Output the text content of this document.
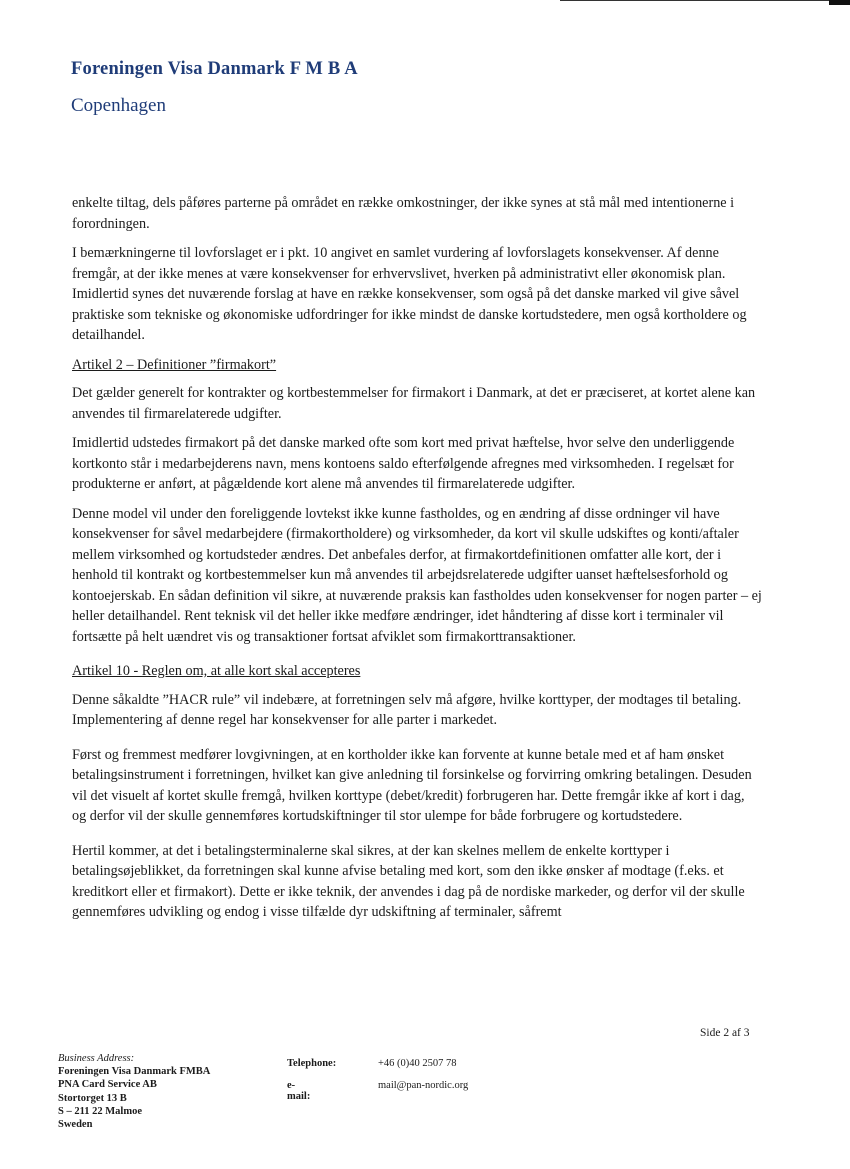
Foreningen Visa Danmark F M B A
Copenhagen

enkelte tiltag, dels påføres parterne på området en række omkostninger, der ikke synes at stå mål med intentionerne i forordningen.

I bemærkningerne til lovforslaget er i pkt. 10 angivet en samlet vurdering af lovforslagets konsekvenser. Af denne fremgår, at der ikke menes at være konsekvenser for erhvervslivet, hverken på administrativt eller økonomisk plan. Imidlertid synes det nuværende forslag at have en række konsekvenser, som også på det danske marked vil give såvel praktiske som tekniske og økonomiske udfordringer for ikke mindst de danske kortudstedere, men også kortholdere og detailhandel.

Artikel 2 – Definitioner ”firmakort”

Det gælder generelt for kontrakter og kortbestemmelser for firmakort i Danmark, at det er præciseret, at kortet alene kan anvendes til firmarelaterede udgifter.

Imidlertid udstedes firmakort på det danske marked ofte som kort med privat hæftelse, hvor selve den underliggende kortkonto står i medarbejderens navn, mens kontoens saldo efterfølgende afregnes med virksomheden. I regelsæt for produkterne er anført, at pågældende kort alene må anvendes til firmarelaterede udgifter.

Denne model vil under den foreliggende lovtekst ikke kunne fastholdes, og en ændring af disse ordninger vil have konsekvenser for såvel medarbejdere (firmakortholdere) og virksomheder, da kort vil skulle udskiftes og konti/aftaler mellem virksomhed og kortudsteder ændres. Det anbefales derfor, at firmakortdefinitionen omfatter alle kort, der i henhold til kontrakt og kortbestemmelser kun må anvendes til arbejdsrelaterede udgifter uanset hæftelsesforhold og kontoejerskab. En sådan definition vil sikre, at nuværende praksis kan fastholdes uden konsekvenser for nogen parter – ej heller detailhandel. Rent teknisk vil det heller ikke medføre ændringer, idet håndtering af disse kort i terminaler vil fortsætte på helt uændret vis og transaktioner fortsat afviklet som firmakorttransaktioner.

Artikel 10 - Reglen om, at alle kort skal accepteres

Denne såkaldte ”HACR rule” vil indebære, at forretningen selv må afgøre, hvilke korttyper, der modtages til betaling. Implementering af denne regel har konsekvenser for alle parter i markedet.

Først og fremmest medfører lovgivningen, at en kortholder ikke kan forvente at kunne betale med et af ham ønsket betalingsinstrument i forretningen, hvilket kan give anledning til forsinkelse og forvirring omkring betalingen. Desuden vil det visuelt af kortet skulle fremgå, hvilken korttype (debet/kredit) forbrugeren har. Dette fremgår ikke af kort i dag, og derfor vil der skulle gennemføres kortudskiftninger til stor ulempe for både forbrugere og kortudstedere.

Hertil kommer, at det i betalingsterminalerne skal sikres, at der kan skelnes mellem de enkelte korttyper i betalingsøjeblikket, da forretningen skal kunne afvise betaling med kort, som den ikke ønsker af modtage (f.eks. et kreditkort eller et firmakort). Dette er ikke teknik, der anvendes i dag på de nordiske markeder, og derfor vil der skulle gennemføres udvikling og endog i visse tilfælde dyr udskiftning af terminaler, såfremt

Side 2 af 3

Business Address:
Foreningen Visa Danmark FMBA
PNA Card Service AB
Stortorget 13 B
S – 211 22 Malmoe
Sweden
Telephone:	+46 (0)40 2507 78
e-mail:
mail@pan-nordic.org
